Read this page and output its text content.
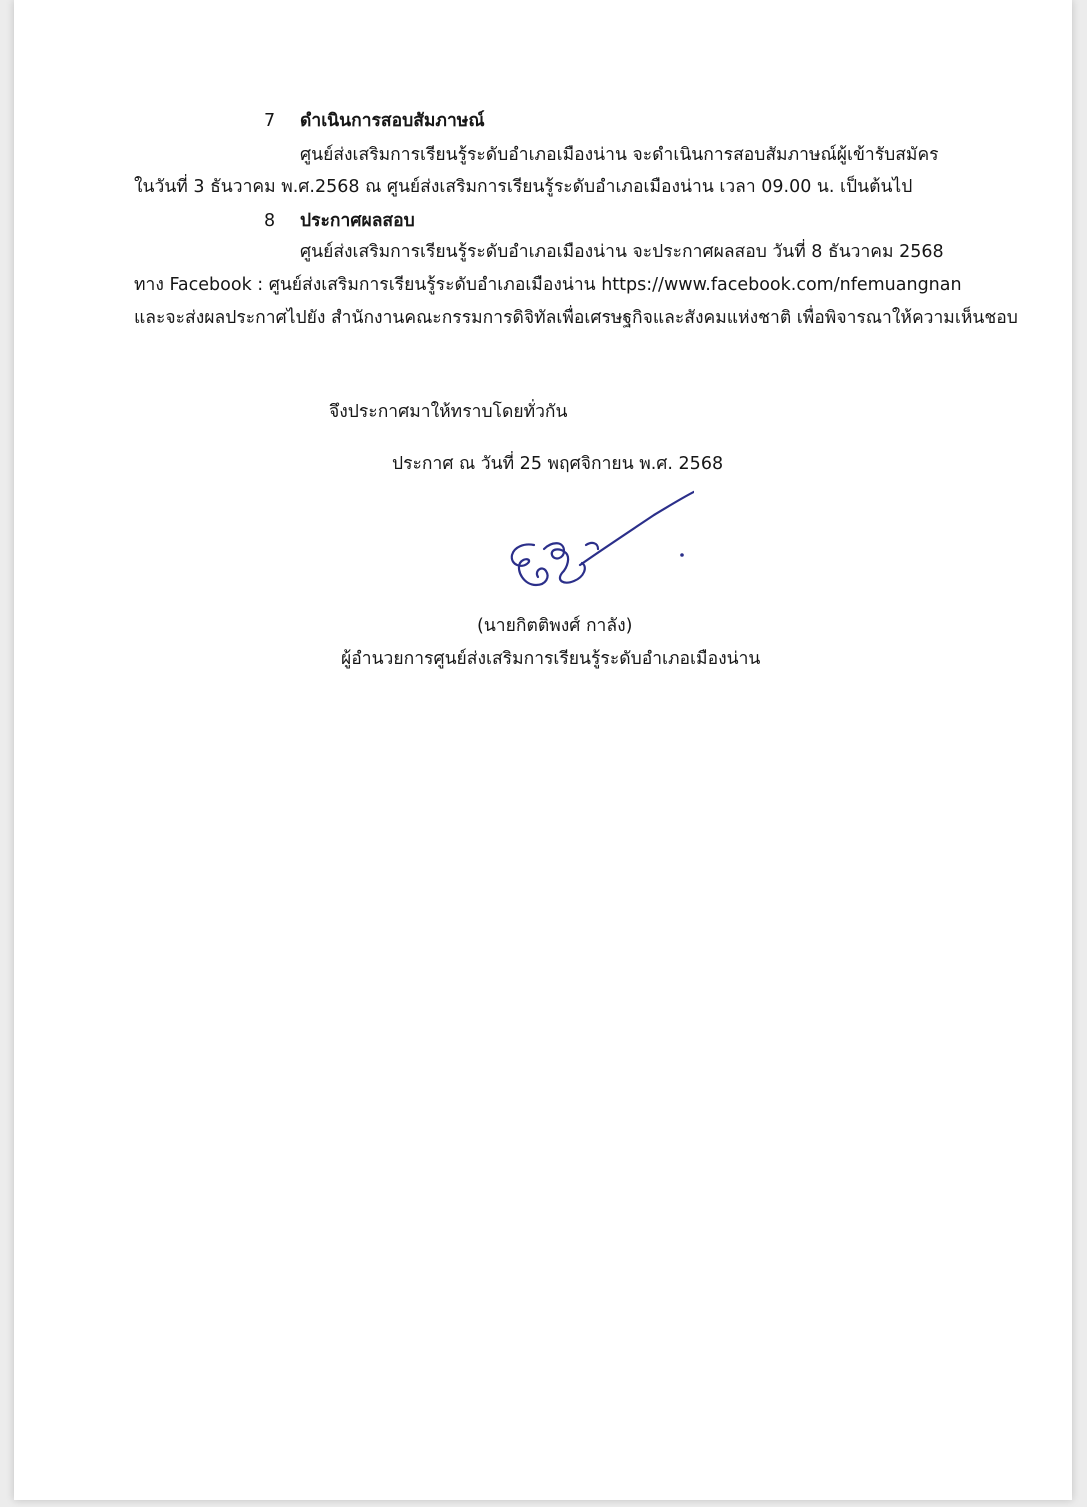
7 ดำเนินการสอบสัมภาษณ์
ศูนย์ส่งเสริมการเรียนรู้ระดับอำเภอเมืองน่าน จะดำเนินการสอบสัมภาษณ์ผู้เข้ารับสมัคร
ในวันที่ 3 ธันวาคม พ.ศ.2568 ณ ศูนย์ส่งเสริมการเรียนรู้ระดับอำเภอเมืองน่าน เวลา 09.00 น. เป็นต้นไป
8 ประกาศผลสอบ
ศูนย์ส่งเสริมการเรียนรู้ระดับอำเภอเมืองน่าน จะประกาศผลสอบ วันที่ 8 ธันวาคม 2568
ทาง Facebook : ศูนย์ส่งเสริมการเรียนรู้ระดับอำเภอเมืองน่าน https://www.facebook.com/nfemuangnan
และจะส่งผลประกาศไปยัง สำนักงานคณะกรรมการดิจิทัลเพื่อเศรษฐกิจและสังคมแห่งชาติ เพื่อพิจารณาให้ความเห็นชอบ
จึงประกาศมาให้ทราบโดยทั่วกัน
ประกาศ ณ วันที่ 25 พฤศจิกายน พ.ศ. 2568
(นายกิตติพงศ์ กาลัง)
ผู้อำนวยการศูนย์ส่งเสริมการเรียนรู้ระดับอำเภอเมืองน่าน
